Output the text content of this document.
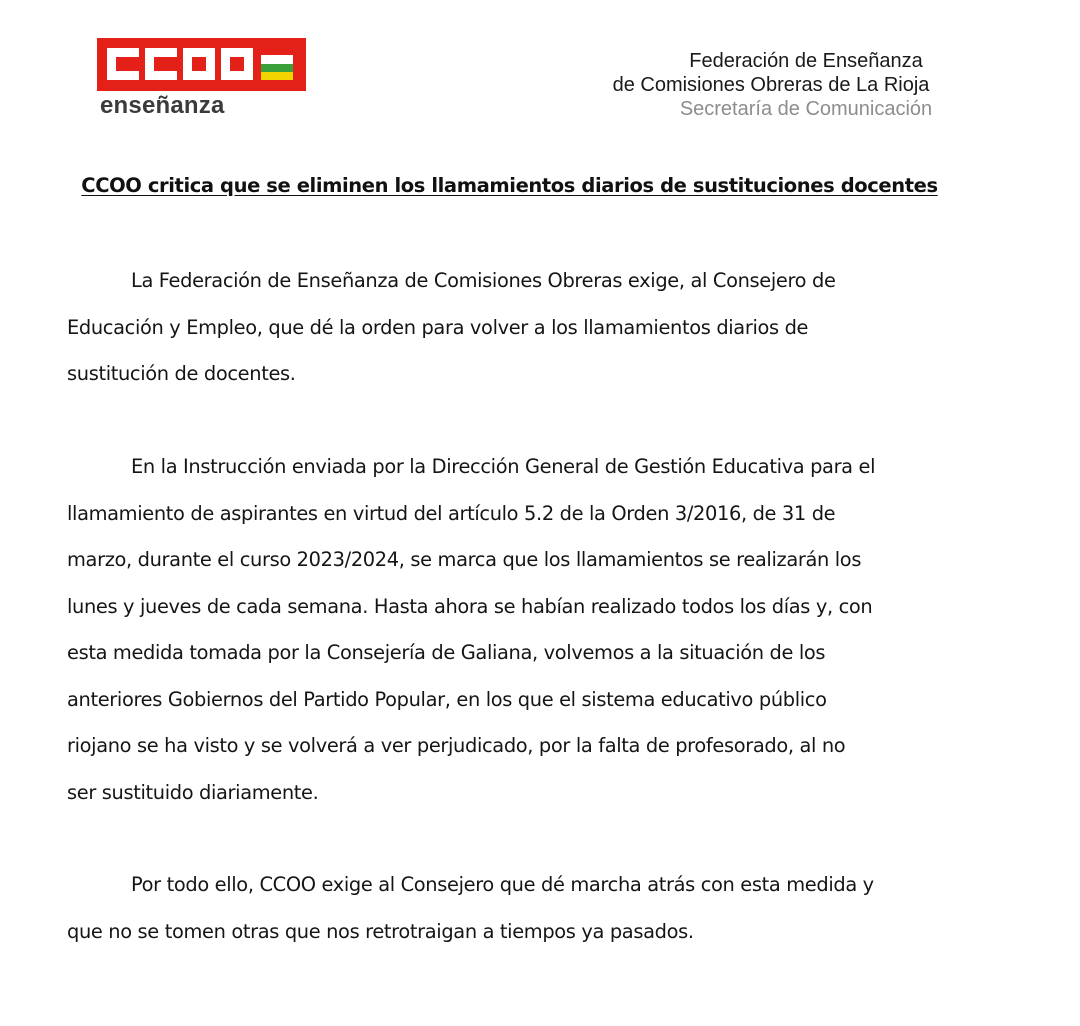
enseñanza
Federación de Enseñanza
de Comisiones Obreras de La Rioja
Secretaría de Comunicación
CCOO critica que se eliminen los llamamientos diarios de sustituciones docentes

La Federación de Enseñanza de Comisiones Obreras exige, al Consejero de
Educación y Empleo, que dé la orden para volver a los llamamientos diarios de
sustitución de docentes.

En la Instrucción enviada por la Dirección General de Gestión Educativa para el
llamamiento de aspirantes en virtud del artículo 5.2 de la Orden 3/2016, de 31 de
marzo, durante el curso 2023/2024, se marca que los llamamientos se realizarán los
lunes y jueves de cada semana. Hasta ahora se habían realizado todos los días y, con
esta medida tomada por la Consejería de Galiana, volvemos a la situación de los
anteriores Gobiernos del Partido Popular, en los que el sistema educativo público
riojano se ha visto y se volverá a ver perjudicado, por la falta de profesorado, al no
ser sustituido diariamente.

Por todo ello, CCOO exige al Consejero que dé marcha atrás con esta medida y
que no se tomen otras que nos retrotraigan a tiempos ya pasados.
